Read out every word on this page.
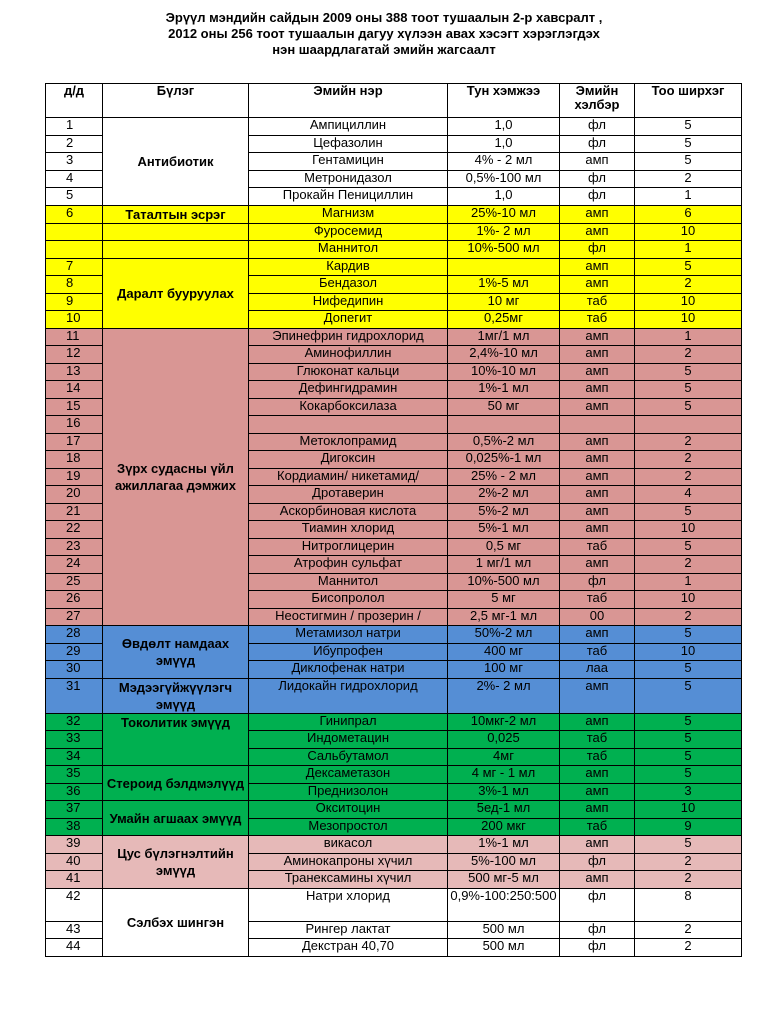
Эрүүл мэндийн сайдын 2009 оны 388 тоот тушаалын 2-р хавсралт ,
2012 оны 256 тоот тушаалын дагуу хүлээн авах хэсэгт хэрэглэгдэх
нэн шаардлагатай эмийн жагсаалт
д/д	Бүлэг	Эмийн нэр	Тун хэмжээ	Эмийн хэлбэр	Тоо ширхэг
1	Антибиотик	Ампициллин	1,0	фл	5
2		Цефазолин	1,0	фл	5
3		Гентамицин	4% - 2 мл	амп	5
4		Метронидазол	0,5%-100 мл	фл	2
5		Прокайн Пенициллин	1,0	фл	1
6	Таталтын эсрэг	Магнизм	25%-10 мл	амп	6
		Фуросемид	1%- 2 мл	амп	10
		Маннитол	10%-500 мл	фл	1
7	Даралт бууруулах	Кардив		амп	5
8		Бендазол	1%-5 мл	амп	2
9		Нифедипин	10 мг	таб	10
10		Допегит	0,25мг	таб	10
11	Зүрх судасны үйл ажиллагаа дэмжих	Эпинефрин гидрохлорид	1мг/1 мл	амп	1
12		Аминофиллин	2,4%-10 мл	амп	2
13		Глюконат кальци	10%-10 мл	амп	5
14		Дефингидрамин	1%-1 мл	амп	5
15		Кокарбоксилаза	50 мг	амп	5
16					
17		Метоклопрамид	0,5%-2 мл	амп	2
18		Дигоксин	0,025%-1 мл	амп	2
19		Кордиамин/ никетамид/	25% - 2 мл	амп	2
20		Дротаверин	2%-2 мл	амп	4
21		Аскорбиновая кислота	5%-2 мл	амп	5
22		Тиамин хлорид	5%-1 мл	амп	10
23		Нитроглицерин	0,5 мг	таб	5
24		Атрофин сульфат	1 мг/1 мл	амп	2
25		Маннитол	10%-500 мл	фл	1
26		Бисопролол	5 мг	таб	10
27		Неостигмин / прозерин /	2,5 мг-1 мл	00	2
28	Өвдөлт намдаах эмүүд	Метамизол натри	50%-2 мл	амп	5
29		Ибупрофен	400 мг	таб	10
30		Диклофенак натри	100 мг	лаа	5
31	Мэдээгүйжүүлэгч эмүүд	Лидокайн гидрохлорид	2%- 2 мл	амп	5
32	Токолитик эмүүд	Гинипрал	10мкг-2 мл	амп	5
33		Индометацин	0,025	таб	5
34		Сальбутамол	4мг	таб	5
35	Стероид бэлдмэлүүд	Дексаметазон	4 мг - 1 мл	амп	5
36		Преднизолон	3%-1 мл	амп	3
37	Умайн агшаах эмүүд	Окситоцин	5ед-1 мл	амп	10
38		Мезопростол	200 мкг	таб	9
39	Цус бүлэгнэлтийн эмүүд	викасол	1%-1 мл	амп	5
40		Аминокапроны хүчил	5%-100 мл	фл	2
41		Транексамины хүчил	500 мг-5 мл	амп	2
42	Сэлбэх шингэн	Натри хлорид	0,9%-100:250:500	фл	8
43		Рингер лактат	500 мл	фл	2
44		Декстран 40,70	500 мл	фл	2
